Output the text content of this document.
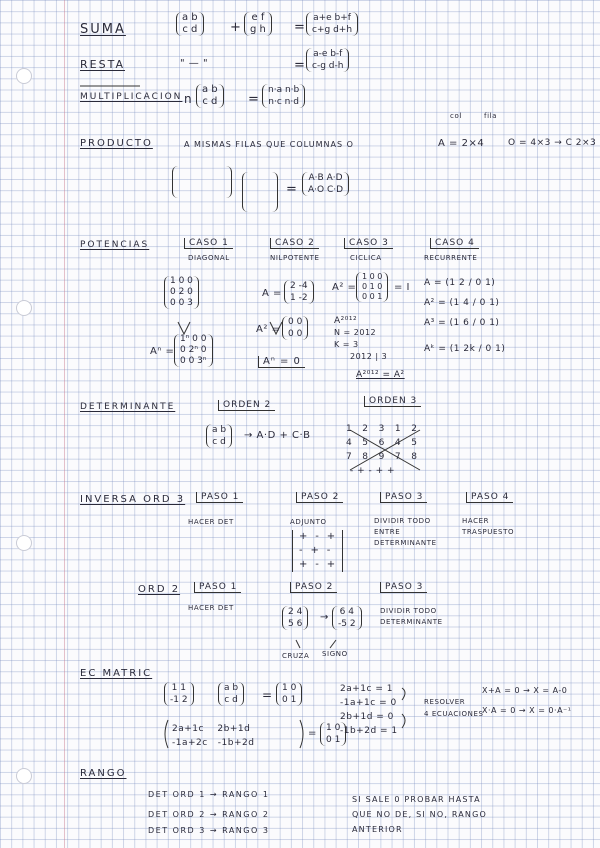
SUMA
a b
c d	+
e f
g h =
a+e b+f
c+g d+h
RESTA	" — "	=
a-e b-f
c-g d-h
MULTIPLICACION n
a b
c d =
n·a n·b
n·c n·d
PRODUCTO	A MISMAS FILAS QUE COLUMNAS O
col	fila
A = 2×4	O = 4×3 → C 2×3
=
A·B A·D
A·O C·D
POTENCIAS	CASO 1
DIAGONAL
CASO 2
NILPOTENTE
CASO 3
CICLICA
CASO 4
RECURRENTE
1 0 0
0 2 0
0 0 3
Aⁿ =
1ⁿ 0 0
0 2ⁿ 0
0 0 3ⁿ
A =
2 -4
1 -2
A² =
0 0
0 0
Aⁿ = 0
A² =
1 0 0
0 1 0
0 0 1
= I
A²⁰¹²
N = 2012
K = 3
2012 | 3
A²⁰¹² = A²
A = (1 2 / 0 1)
A² = (1 4 / 0 1)
A³ = (1 6 / 0 1)
Aᵏ = (1 2k / 0 1)
DETERMINANTE	ORDEN 2	ORDEN 3
a b
c d
→ A·D + C·B
1   2   3   1   2
4   5   6   4   5
7   8   9   7   8
- + - + +
INVERSA ORD 3	PASO 1
HACER DET
PASO 2
ADJUNTO
PASO 3
DIVIDIR TODO ENTRE DETERMINANTE
PASO 4
HACER TRASPUESTO
+  -  +
-  +  -
+  -  +
ORD 2	PASO 1
HACER DET
PASO 2	PASO 3
DIVIDIR TODO DETERMINANTE
2 4
5 6
→ 6 4
-5 2
CRUZA SIGNO
EC MATRIC
1 1
-1 2
a b
c d = 1 0
0 1
2a+1c    2b+1d
-1a+2c   -1b+2d
= 1 0
0 1
2a+1c = 1
-1a+1c = 0
2b+1d = 0
-1b+2d = 1
RESOLVER
4 ECUACIONES
X+A = 0 → X = A-0
X·A = 0 → X = 0·A⁻¹
RANGO
DET ORD 1 → RANGO 1
DET ORD 2 → RANGO 2
DET ORD 3 → RANGO 3
SI SALE 0 PROBAR HASTA
QUE NO DE, SI NO, RANGO
ANTERIOR
